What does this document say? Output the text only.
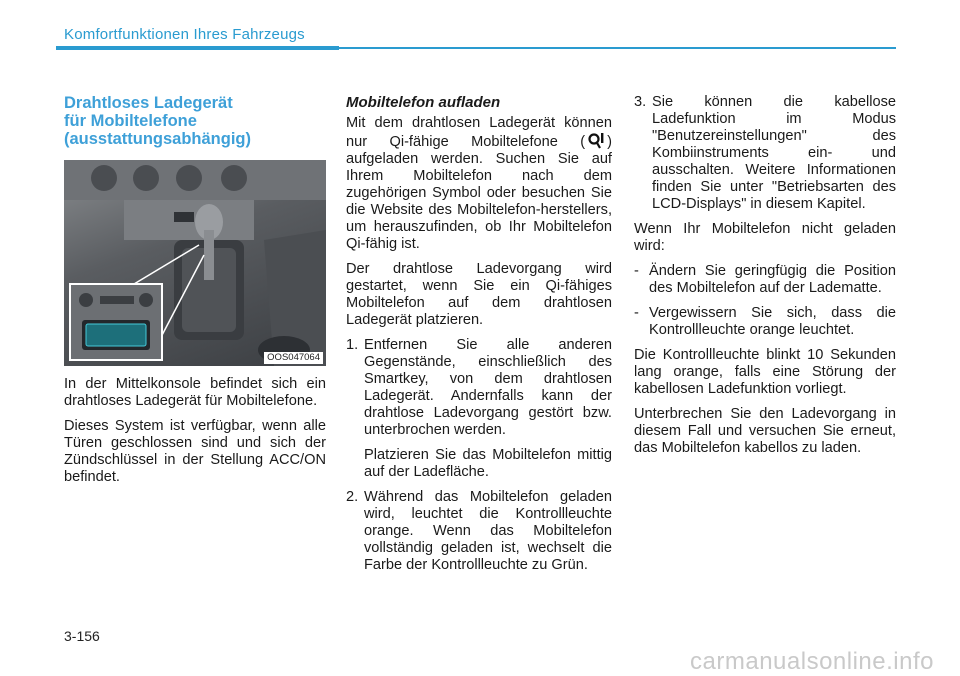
Komfortfunktionen Ihres Fahrzeugs
Drahtloses Ladegerät
für Mobiltelefone
(ausstattungsabhängig)
OOS047064

In der Mittelkonsole befindet sich ein drahtloses Ladegerät für Mobiltelefone.

Dieses System ist verfügbar, wenn alle Türen geschlossen sind und sich der Zündschlüssel in der Stellung ACC/ON befindet.

Mobiltelefon aufladen

Mit dem drahtlosen Ladegerät können nur Qi-fähige Mobiltelefone ( ) aufgeladen werden. Suchen Sie auf Ihrem Mobiltelefon nach dem zugehörigen Symbol oder besuchen Sie die Website des Mobiltelefon-herstellers, um herauszufinden, ob Ihr Mobiltelefon Qi-fähig ist.

Der drahtlose Ladevorgang wird gestartet, wenn Sie ein Qi-fähiges Mobiltelefon auf dem drahtlosen Ladegerät platzieren.

1. Entfernen Sie alle anderen Gegenstände, einschließlich des Smartkey, von dem drahtlosen Ladegerät. Andernfalls kann der drahtlose Ladevorgang gestört bzw. unterbrochen werden.

Platzieren Sie das Mobiltelefon mittig auf der Ladefläche.

2. Während das Mobiltelefon geladen wird, leuchtet die Kontrollleuchte orange. Wenn das Mobiltelefon vollständig geladen ist, wechselt die Farbe der Kontrollleuchte zu Grün.
3. Sie können die kabellose Ladefunktion im Modus "Benutzereinstellungen" des Kombiinstruments ein- und ausschalten. Weitere Informationen finden Sie unter "Betriebsarten des LCD-Displays" in diesem Kapitel.

Wenn Ihr Mobiltelefon nicht geladen wird:

- Ändern Sie geringfügig die Position des Mobiltelefon auf der Lademattе.
- Vergewissern Sie sich, dass die Kontrollleuchte orange leuchtet.

Die Kontrollleuchte blinkt 10 Sekunden lang orange, falls eine Störung der kabellosen Ladefunktion vorliegt.

Unterbrechen Sie den Ladevorgang in diesem Fall und versuchen Sie erneut, das Mobiltelefon kabellos zu laden.

3-156
carmanualsonline.info
